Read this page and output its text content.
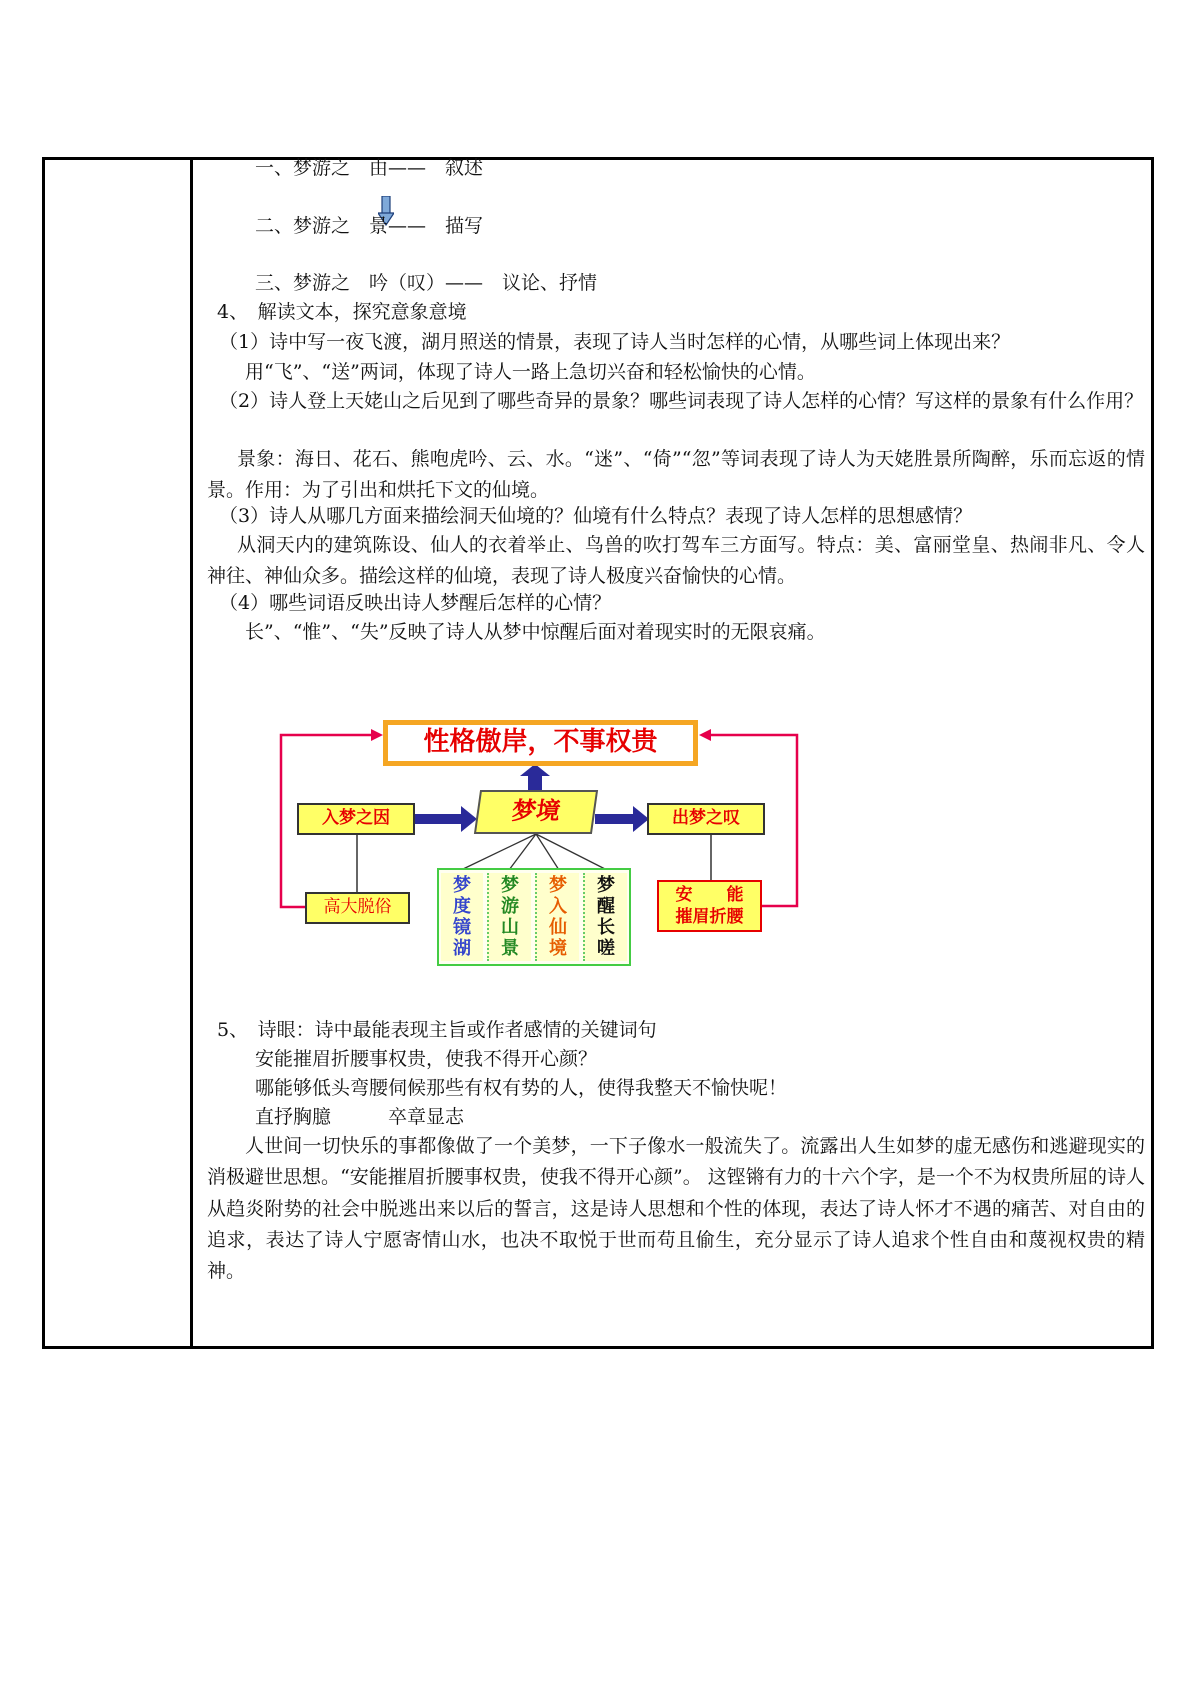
一、梦游之　由——　叙述
二、梦游之　景——　描写
三、梦游之　吟（叹）——　议论、抒情
4、　解读文本，探究意象意境
（1）诗中写一夜飞渡，湖月照送的情景，表现了诗人当时怎样的心情，从哪些词上体现出来？
用“飞”、“送”两词，体现了诗人一路上急切兴奋和轻松愉快的心情。
（2）诗人登上天姥山之后见到了哪些奇异的景象？哪些词表现了诗人怎样的心情？写这样的景象有什么作用？
景象：海日、花石、熊咆虎吟、云、水。“迷”、“倚”“忽”等词表现了诗人为天姥胜景所陶醉，乐而忘返的情景。作用：为了引出和烘托下文的仙境。
（3）诗人从哪几方面来描绘洞天仙境的？仙境有什么特点？表现了诗人怎样的思想感情？
从洞天内的建筑陈设、仙人的衣着举止、鸟兽的吹打驾车三方面写。特点：美、富丽堂皇、热闹非凡、令人神往、神仙众多。描绘这样的仙境，表现了诗人极度兴奋愉快的心情。
（4）哪些词语反映出诗人梦醒后怎样的心情？
长”、“惟”、“失”反映了诗人从梦中惊醒后面对着现实时的无限哀痛。
性格傲岸，不事权贵
入梦之因	梦境	出梦之叹
高大脱俗
安　　能
摧眉折腰
梦
度
镜
湖
梦
游
山
景
梦
入
仙
境
梦
醒
长
嗟
5、　诗眼：诗中最能表现主旨或作者感情的关键词句
安能摧眉折腰事权贵，使我不得开心颜？
哪能够低头弯腰伺候那些有权有势的人，使得我整天不愉快呢！
直抒胸臆　　　卒章显志
人世间一切快乐的事都像做了一个美梦，一下子像水一般流失了。流露出人生如梦的虚无感伤和逃避现实的消极避世思想。“安能摧眉折腰事权贵，使我不得开心颜”。 这铿锵有力的十六个字，是一个不为权贵所屈的诗人从趋炎附势的社会中脱逃出来以后的誓言，这是诗人思想和个性的体现，表达了诗人怀才不遇的痛苦、对自由的追求，表达了诗人宁愿寄情山水，也决不取悦于世而苟且偷生，充分显示了诗人追求个性自由和蔑视权贵的精神。
